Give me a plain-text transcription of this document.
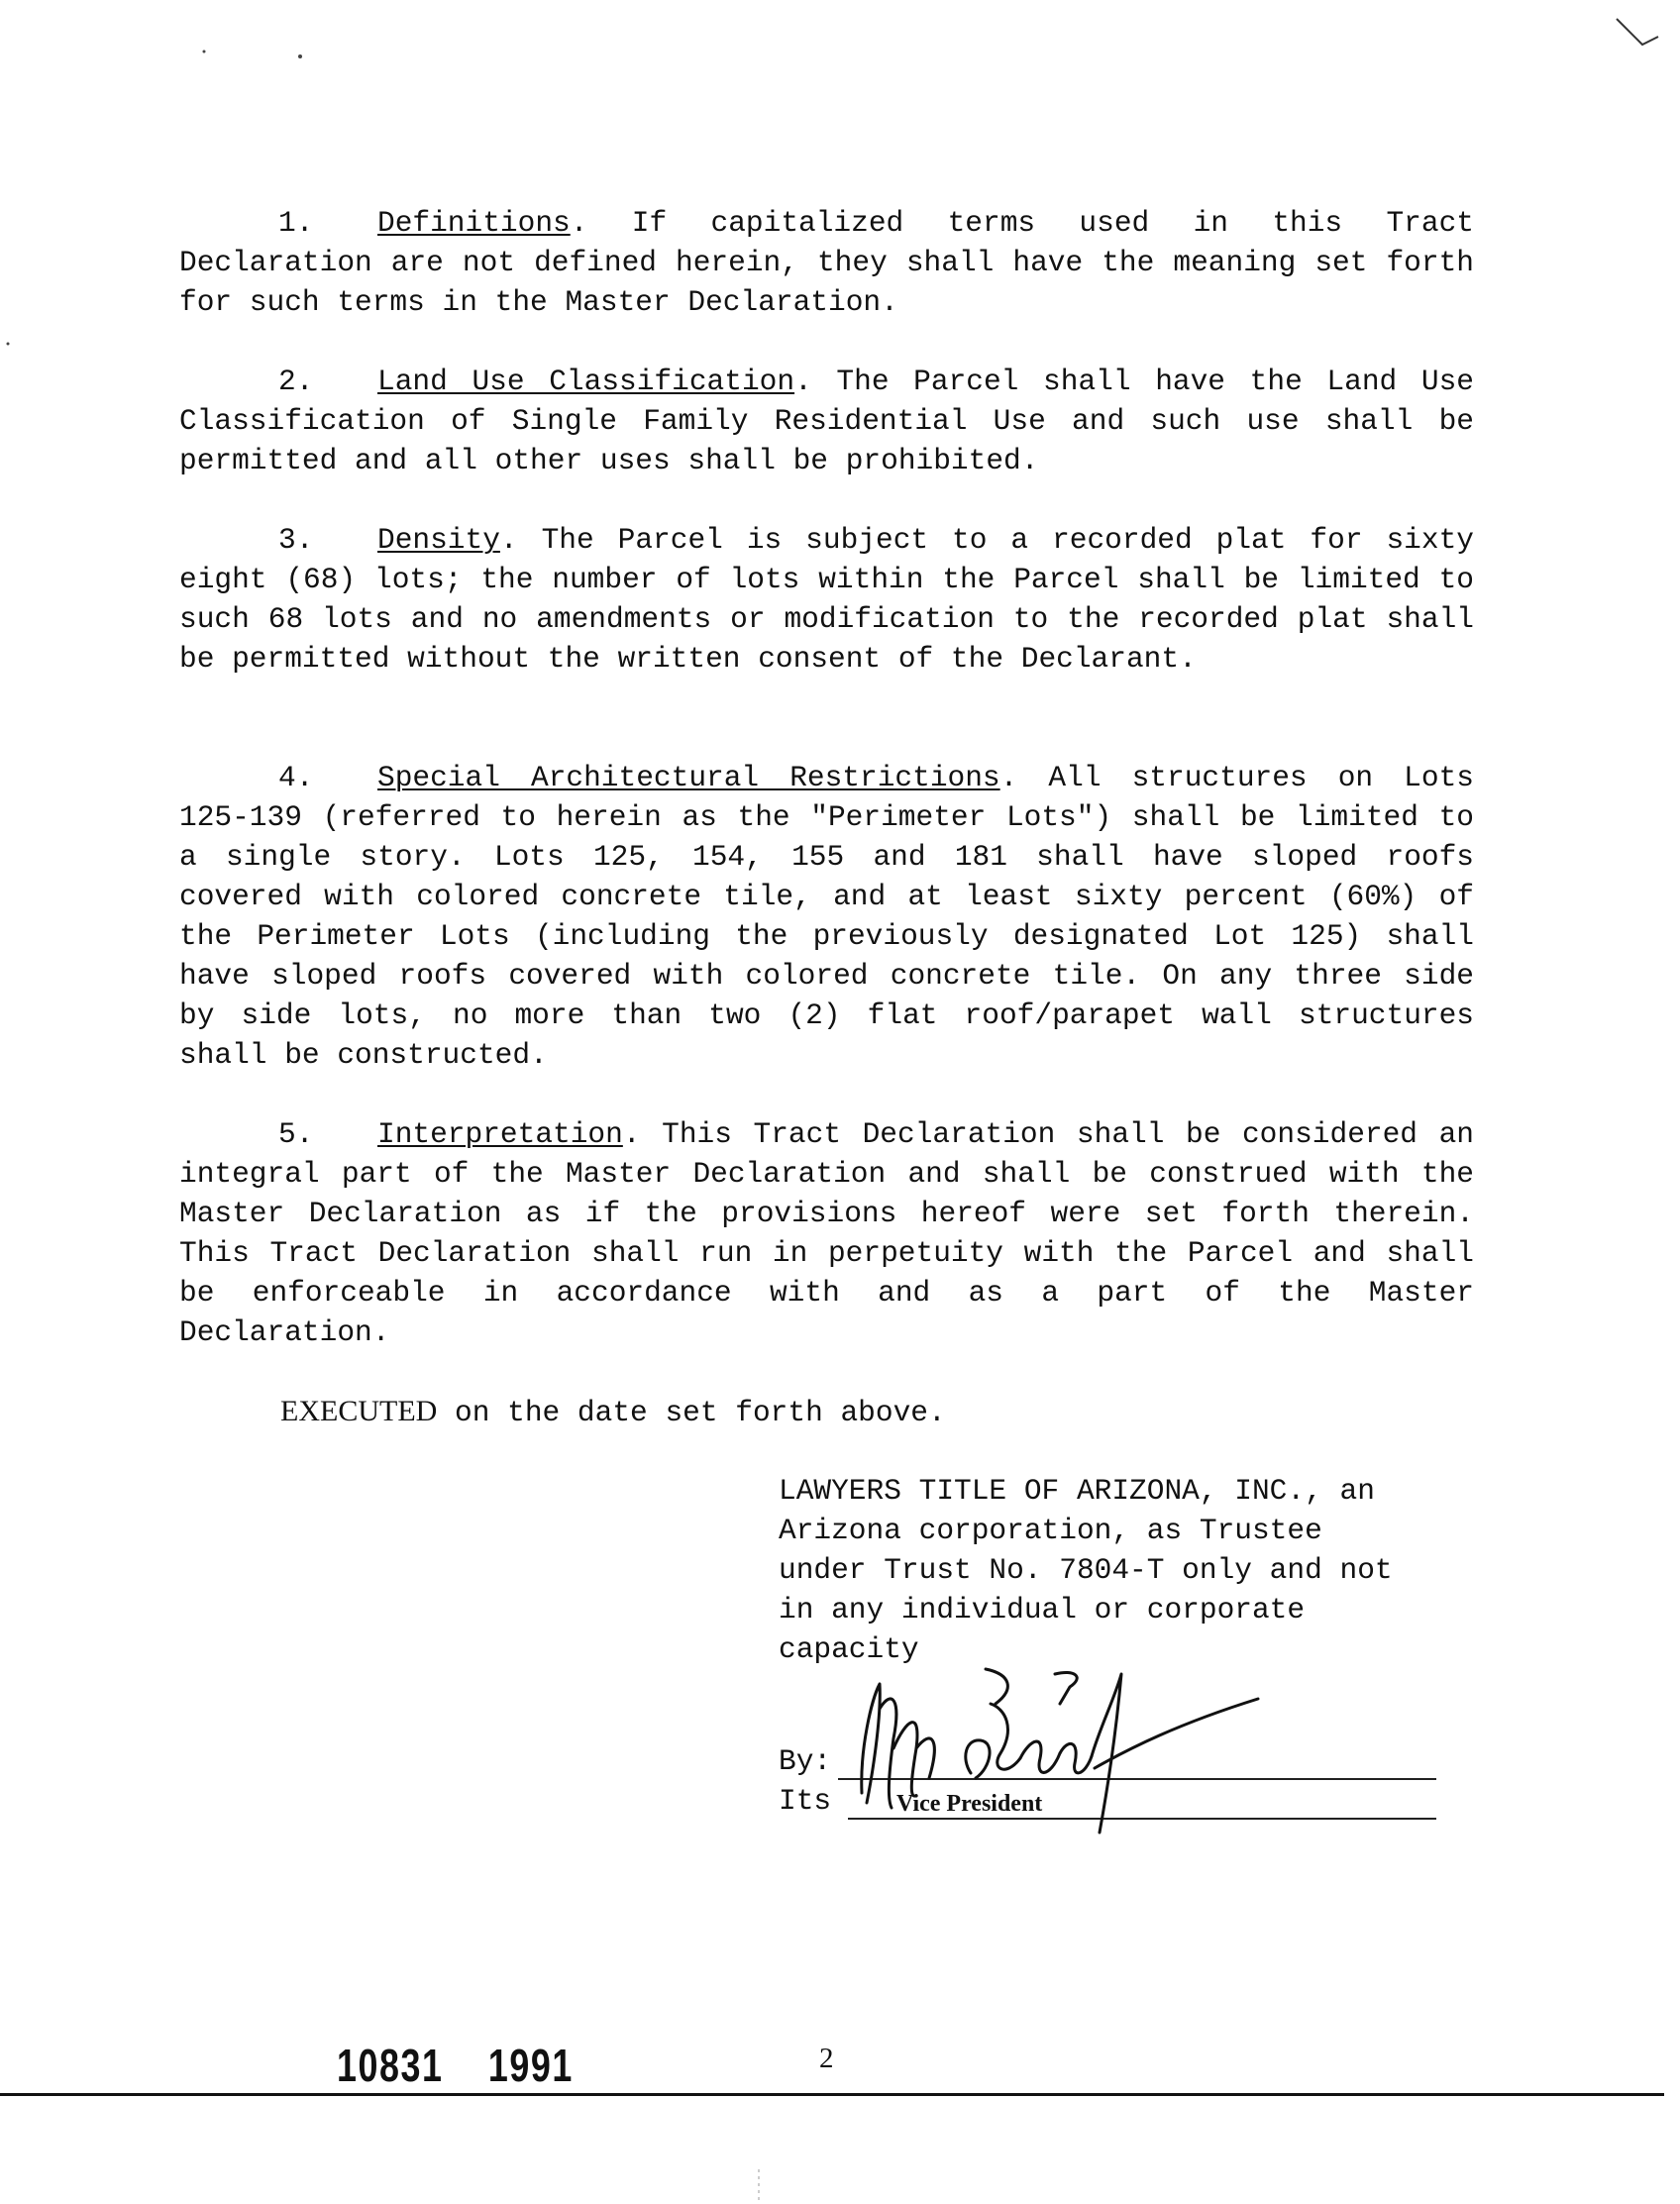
1. Definitions. If capitalized terms used in this Tract Declaration are not defined herein, they shall have the meaning set forth for such terms in the Master Declaration.

2. Land Use Classification. The Parcel shall have the Land Use Classification of Single Family Residential Use and such use shall be permitted and all other uses shall be prohibited.

3. Density. The Parcel is subject to a recorded plat for sixty eight (68) lots; the number of lots within the Parcel shall be limited to such 68 lots and no amendments or modification to the recorded plat shall be permitted without the written consent of the Declarant.

4. Special Architectural Restrictions. All structures on Lots 125-139 (referred to herein as the "Perimeter Lots") shall be limited to a single story. Lots 125, 154, 155 and 181 shall have sloped roofs covered with colored concrete tile, and at least sixty percent (60%) of the Perimeter Lots (including the previously designated Lot 125) shall have sloped roofs covered with colored concrete tile. On any three side by side lots, no more than two (2) flat roof/parapet wall structures shall be constructed.

5. Interpretation. This Tract Declaration shall be considered an integral part of the Master Declaration and shall be construed with the Master Declaration as if the provisions hereof were set forth therein. This Tract Declaration shall run in perpetuity with the Parcel and shall be enforceable in accordance with and as a part of the Master Declaration.

EXECUTED on the date set forth above.

LAWYERS TITLE OF ARIZONA, INC., an
Arizona corporation, as Trustee
under Trust No. 7804-T only and not
in any individual or corporate
capacity
By:
Its	Vice President
10831 1991	2
